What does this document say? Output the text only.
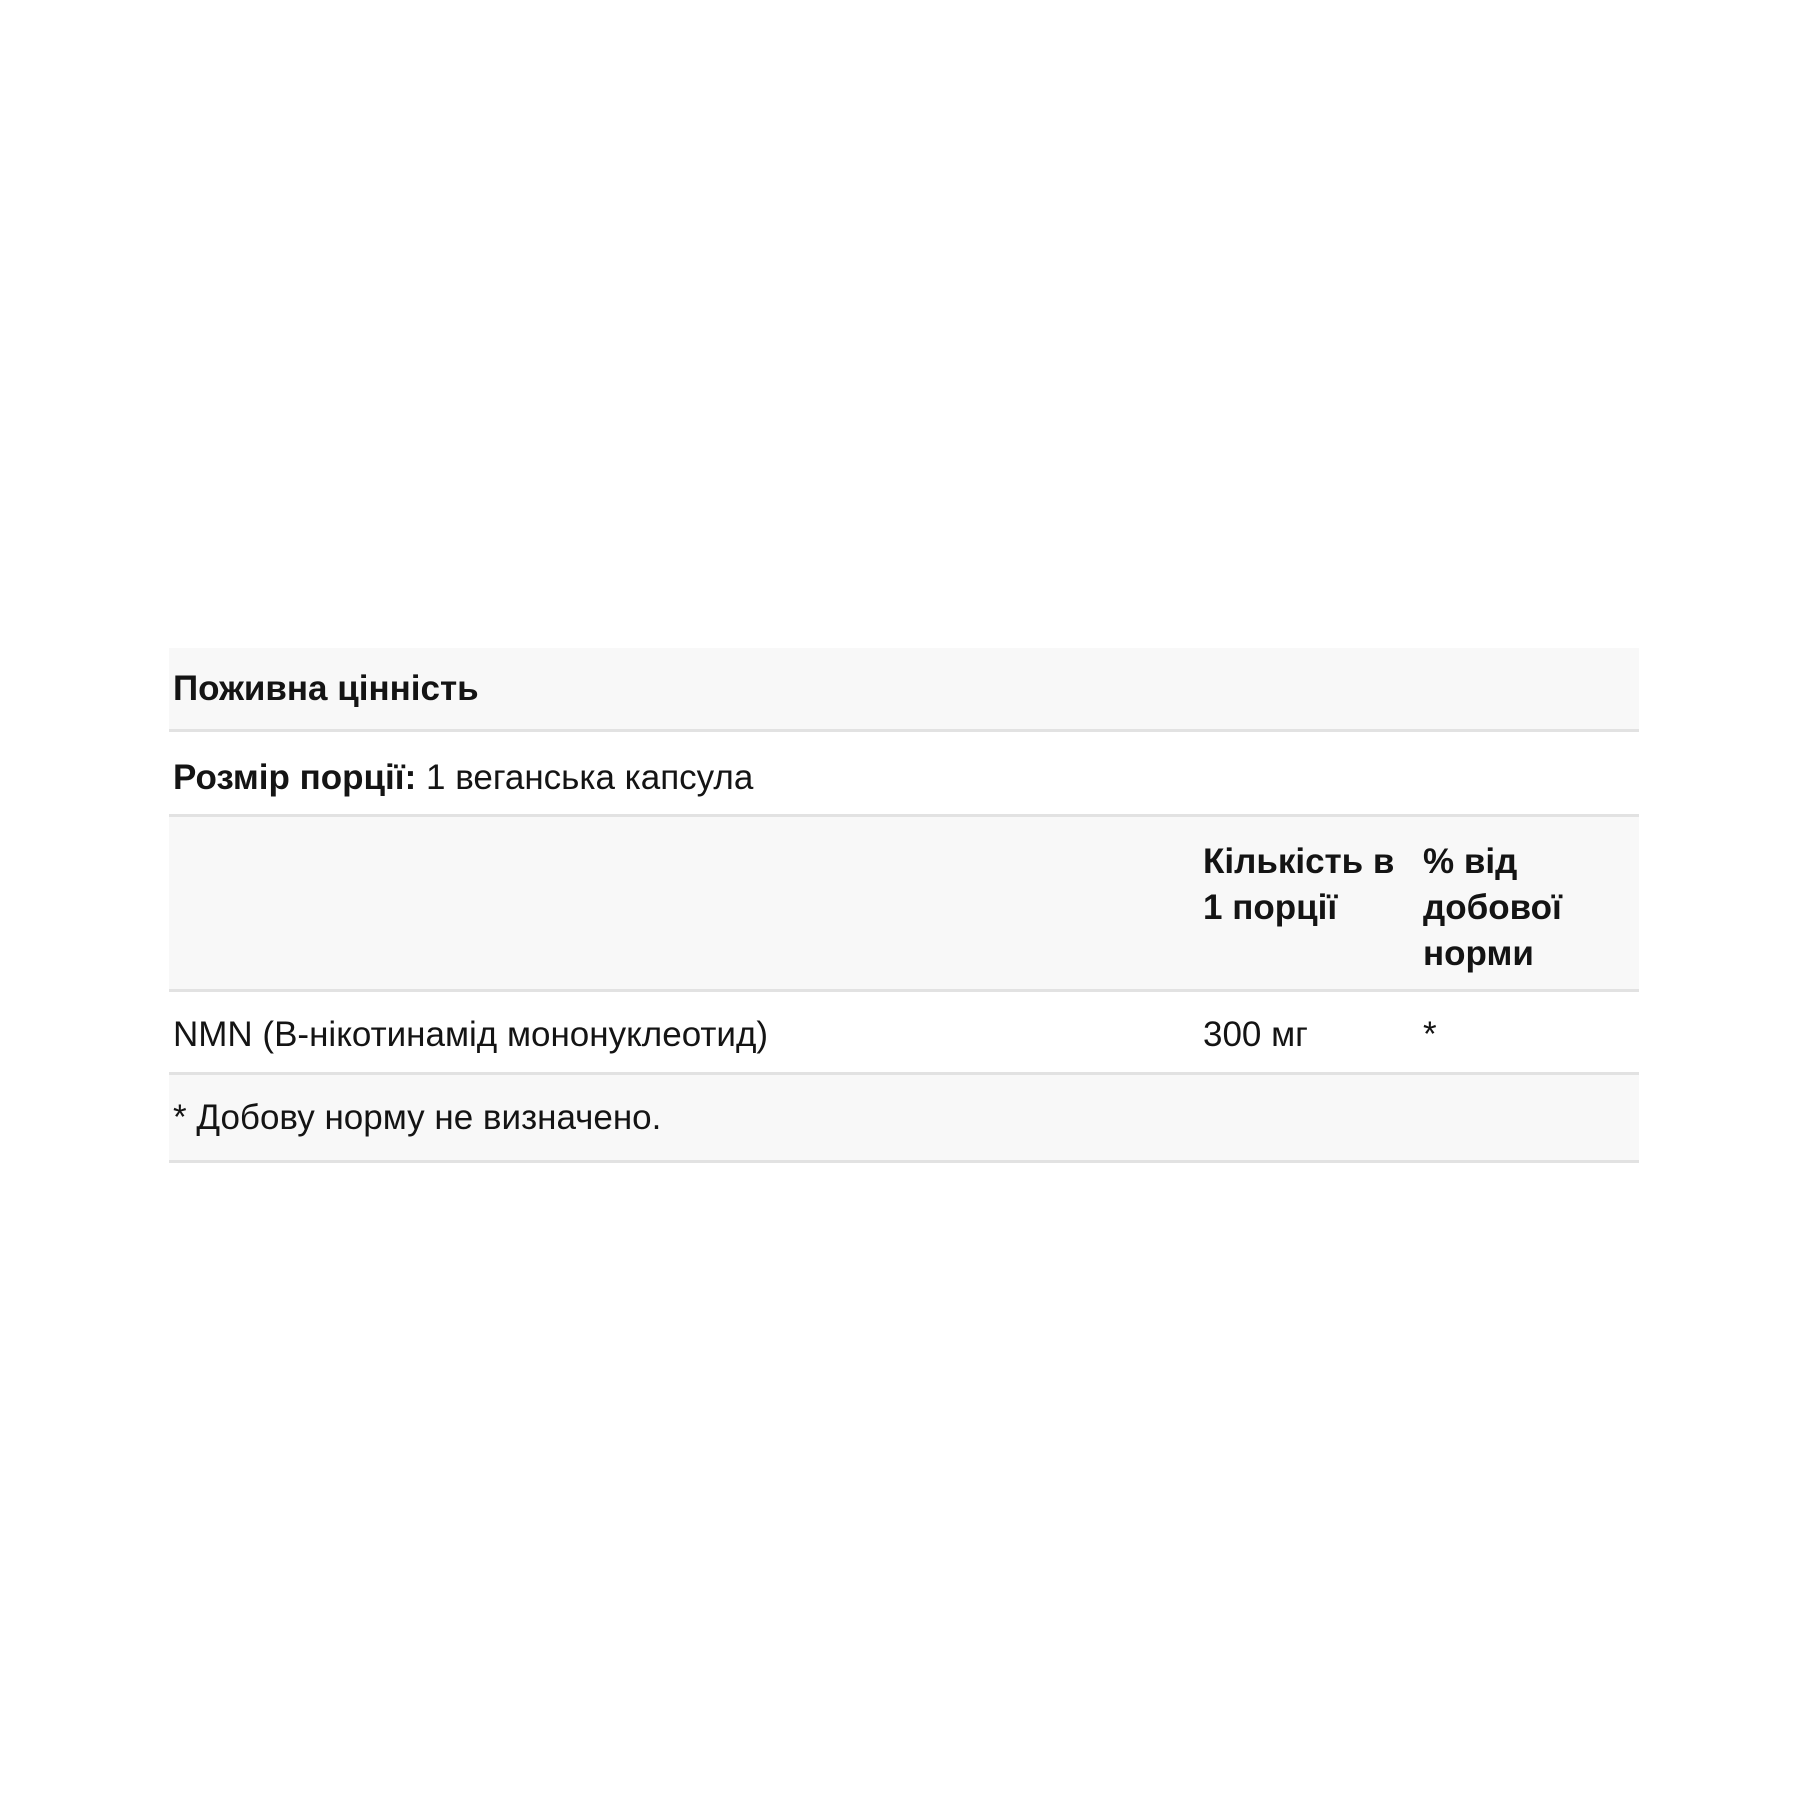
Поживна цінність
Розмір порції: 1 веганська капсула
Кількість в 1 порції
% від добової норми
NMN (В-нікотинамід мононуклеотид)	300 мг	*
* Добову норму не визначено.
